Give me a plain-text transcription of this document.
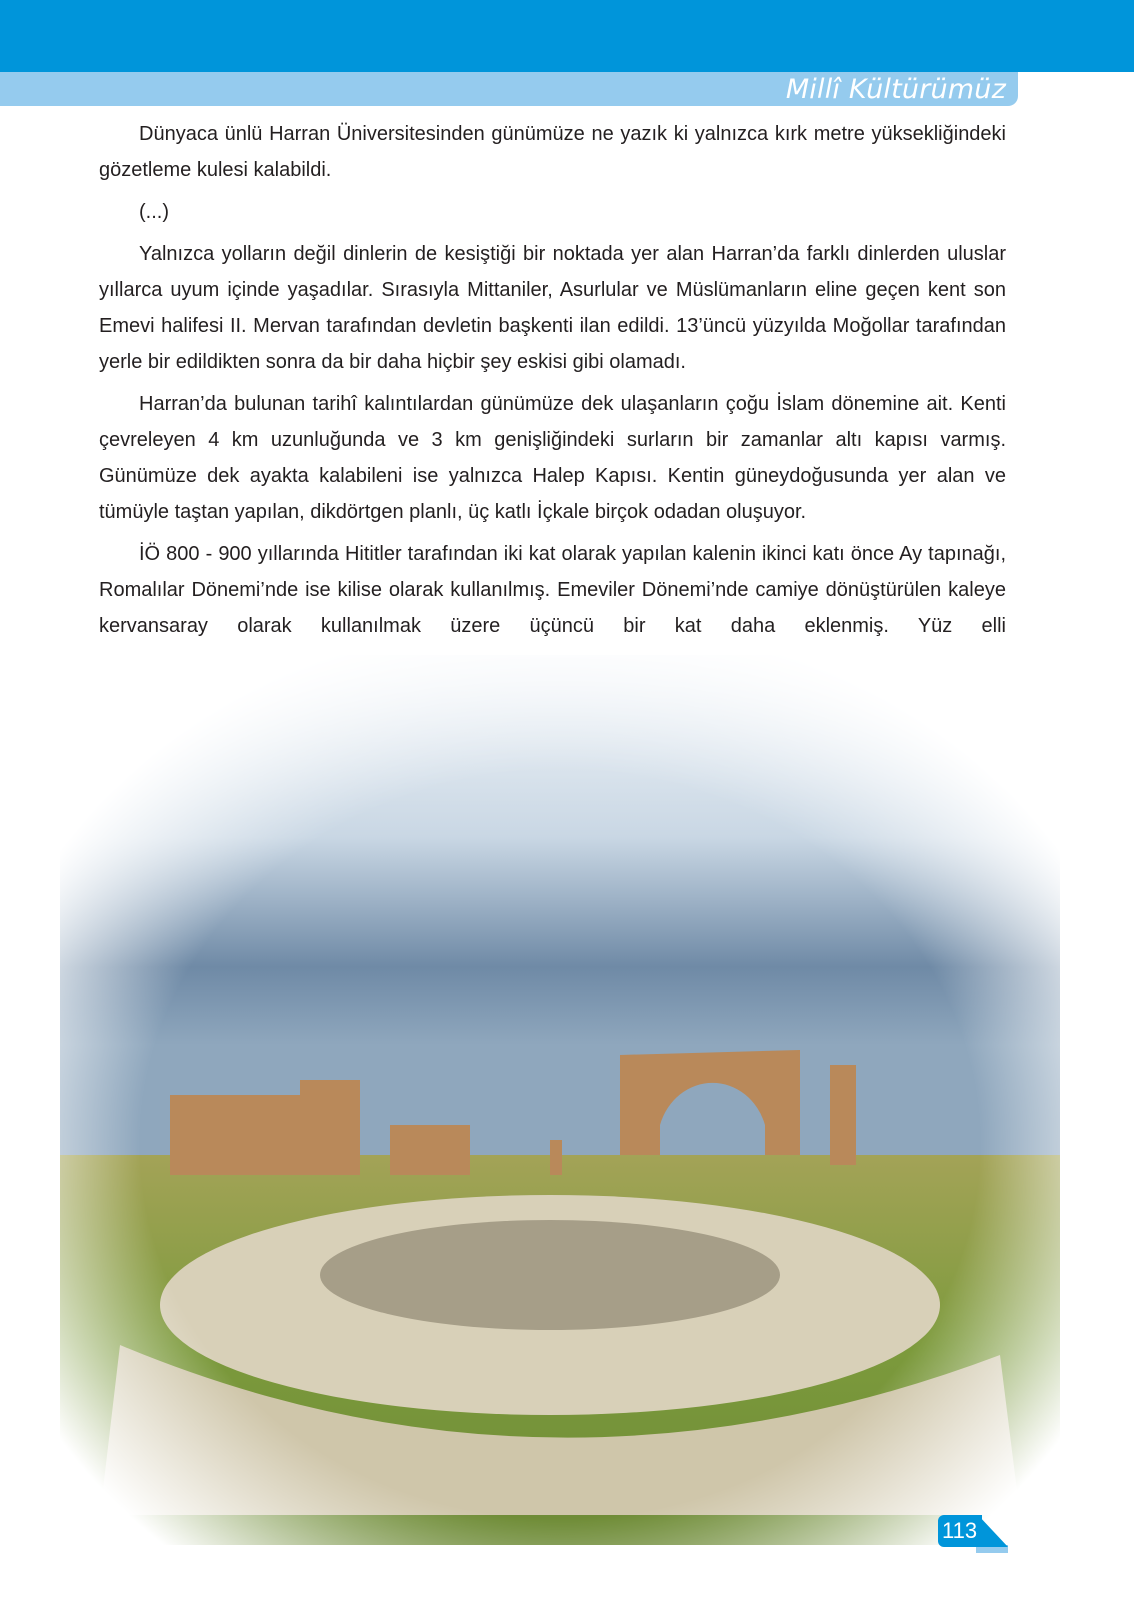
Millî Kültürümüz

Dünyaca ünlü Harran Üniversitesinden günümüze ne yazık ki yalnızca kırk metre yüksekliğindeki gözetleme kulesi kalabildi.

(...)

Yalnızca yolların değil dinlerin de kesiştiği bir noktada yer alan Harran’da farklı dinlerden uluslar yıllarca uyum içinde yaşadılar. Sırasıyla Mittaniler, Asurlular ve Müslümanların eline geçen kent son Emevi halifesi II. Mervan tarafından devletin başkenti ilan edildi. 13’üncü yüzyılda Moğollar tarafından yerle bir edildikten sonra da bir daha hiçbir şey eskisi gibi olamadı.

Harran’da bulunan tarihî kalıntılardan günümüze dek ulaşanların çoğu İslam dönemine ait. Kenti çevreleyen 4 km uzunluğunda ve 3 km genişliğindeki surların bir zamanlar altı kapısı varmış. Günümüze dek ayakta kalabileni ise yalnızca Halep Kapısı. Kentin güneydoğusunda yer alan ve tümüyle taştan yapılan, dikdörtgen planlı, üç katlı İçkale birçok odadan oluşuyor.

İÖ 800 - 900 yıllarında Hititler tarafından iki kat olarak yapılan kalenin ikinci katı önce Ay tapınağı, Romalılar Dönemi’nde ise kilise olarak kullanılmış. Emeviler Dönemi’nde camiye dönüştürülen kaleye kervansaray olarak kullanılmak üzere üçüncü bir kat daha eklenmiş. Yüz elli

113
